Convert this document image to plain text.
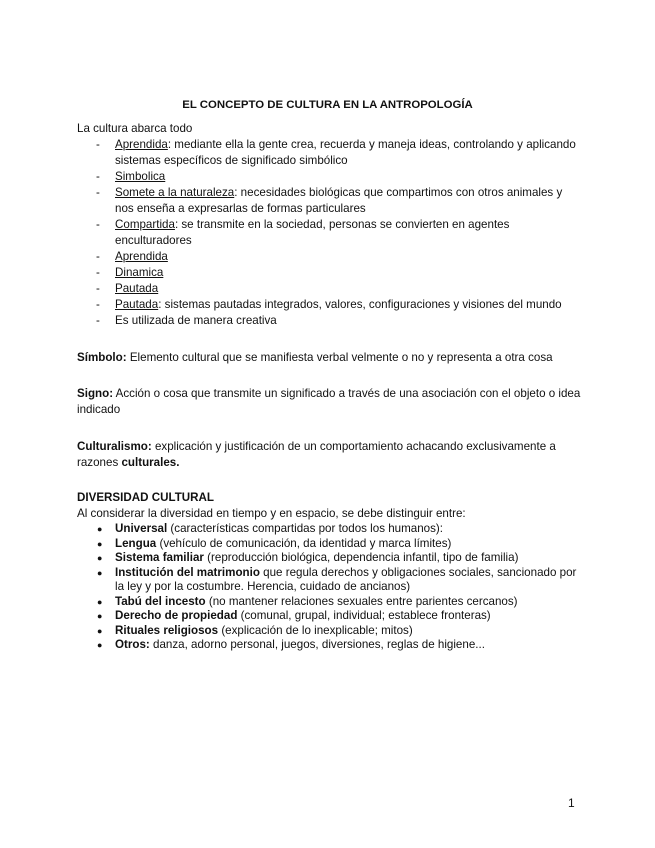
EL CONCEPTO DE CULTURA EN LA ANTROPOLOGÍA
La cultura abarca todo
- Aprendida: mediante ella la gente crea, recuerda y maneja ideas, controlando y aplicando sistemas específicos de significado simbólico
- Simbolica
- Somete a la naturaleza: necesidades biológicas que compartimos con otros animales y nos enseña a expresarlas de formas particulares
- Compartida: se transmite en la sociedad, personas se convierten en agentes enculturadores
- Aprendida
- Dinamica
- Pautada
- Pautada: sistemas pautadas integrados, valores, configuraciones y visiones del mundo
- Es utilizada de manera creativa
Símbolo: Elemento cultural que se manifiesta verbal velmente o no y representa a otra cosa
Signo: Acción o cosa que transmite un significado a través de una asociación con el objeto o idea indicado
Culturalismo: explicación y justificación de un comportamiento achacando exclusivamente a razones culturales.
DIVERSIDAD CULTURAL
Al considerar la diversidad en tiempo y en espacio, se debe distinguir entre:
● Universal (características compartidas por todos los humanos):
● Lengua (vehículo de comunicación, da identidad y marca límites)
● Sistema familiar (reproducción biológica, dependencia infantil, tipo de familia)
● Institución del matrimonio que regula derechos y obligaciones sociales, sancionado por la ley y por la costumbre. Herencia, cuidado de ancianos)
● Tabú del incesto (no mantener relaciones sexuales entre parientes cercanos)
● Derecho de propiedad (comunal, grupal, individual; establece fronteras)
● Rituales religiosos (explicación de lo inexplicable; mitos)
● Otros: danza, adorno personal, juegos, diversiones, reglas de higiene...
1
